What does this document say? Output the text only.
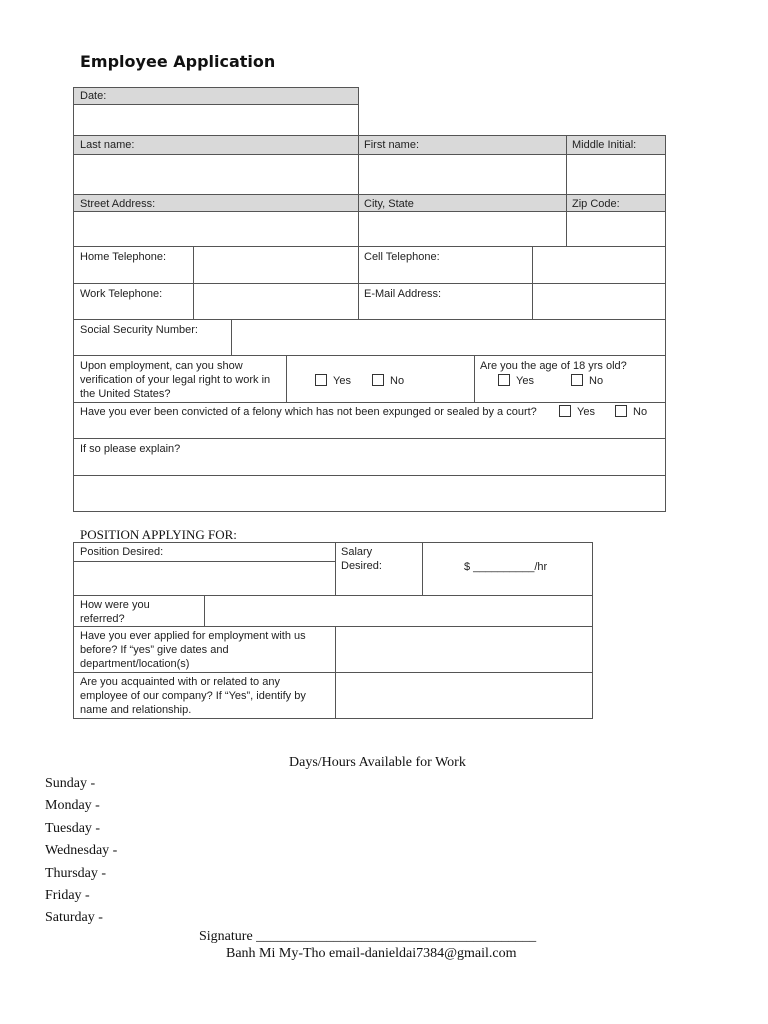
Employee Application
Date:
Last name:	First name:	Middle Initial:
Street Address:	City, State	Zip Code:
Home Telephone:	Cell Telephone:
Work Telephone:	E-Mail Address:
Social Security Number:
Upon employment, can you show verification of your legal right to work in the United States?
Yes	No
Are you the age of 18 yrs old?
Yes	No
Have you ever been convicted of a felony which has not been expunged or sealed by a court?	Yes	No
If so please explain?
POSITION APPLYING FOR:
Position Desired:	Salary Desired:	$ __________/hr
How were you referred?
Have you ever applied for employment with us before? If “yes” give dates and department/location(s)
Are you acquainted with or related to any employee of our company? If “Yes”, identify by name and relationship.
Days/Hours Available for Work
Sunday -
Monday -
Tuesday -
Wednesday -
Thursday -
Friday -
Saturday -
Signature ________________________________________
Banh Mi My-Tho email-danieldai7384@gmail.com
